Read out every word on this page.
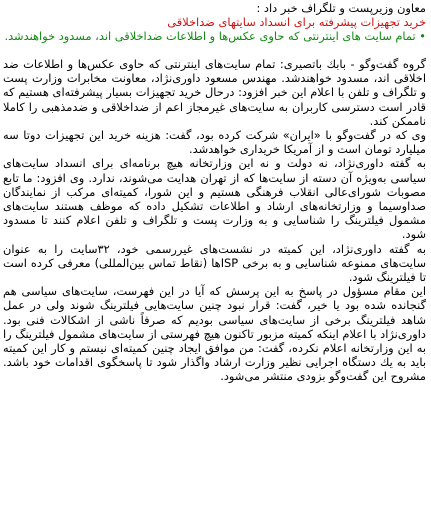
معاون وزيرپست و تلگراف خبر داد :

خريد تجهيزات پيشرفته براى انسداد سايتهاى ضداخلاقى

• تمام سايت هاى اينترنتى كه حاوى عكس‌ها و اطلاعات ضداخلاقى اند، مسدود خواهندشد.

گروه گفت‌وگو - بابك باتصيرى: تمام سايت‌هاى اينترنتى كه حاوى عكس‌ها و اطلاعات ضد اخلاقى اند، مسدود خواهندشد. مهندس مسعود داورى‌نژاد، معاونت مخابرات وزارت پست و تلگراف و تلفن با اعلام اين خبر افزود: درحال خريد تجهيزات بسيار پيشرفته‌اى هستيم كه قادر است دسترسى كاربران به سايت‌هاى غيرمجاز اعم از ضداخلاقى و ضدمذهبى را كاملا ناممكن كند.

وى كه در گفت‌وگو با «ايران» شركت كرده بود، گفت: هزينه خريد اين تجهيزات دوتا سه ميليارد تومان است و از آمريكا خريدارى خواهدشد.

به گفته داورى‌نژاد، نه دولت و نه اين وزارتخانه هيچ برنامه‌اى براى انسداد سايت‌هاى سياسى به‌ويژه آن دسته از سايت‌ها كه از تهران هدايت مى‌شوند، ندارد. وى افزود: ما تابع مصوبات شوراى‌عالى انقلاب فرهنگى هستيم و اين شورا، كميته‌اى مركب از نمايندگان صداوسيما و وزارتخانه‌هاى ارشاد و اطلاعات تشكيل داده كه موظف هستند سايت‌هاى مشمول فيلترينگ را شناسايى و به وزارت پست و تلگراف و تلفن اعلام كنند تا مسدود شود.

به گفته داورى‌نژاد، اين كميته در نشست‌هاى غيررسمى خود، ۳۲سايت را به عنوان سايت‌هاى ممنوعه شناسايى و به برخى ISPها (نقاط تماس بين‌المللى) معرفى كرده است تا فيلترينگ شود.

اين مقام مسؤول در پاسخ به اين پرسش كه آيا در اين فهرست، سايت‌هاى سياسى هم گنجانده شده بود يا خير، گفت: قرار نبود چنين سايت‌هايى فيلترينگ شوند ولى در عمل شاهد فيلترينگ برخى از سايت‌هاى سياسى بوديم كه صرفاً ناشى از اشكالات فنى بود. داورى‌نژاد با اعلام اينكه كميته مزبور تاكنون هيچ فهرستى از سايت‌هاى مشمول فيلترينگ را به اين وزارتخانه اعلام نكرده، گفت: من موافق ايجاد چنين كميته‌اى نيستم و كار اين كميته بايد به يك دستگاه اجرايى نظير وزارت ارشاد واگذار شود تا پاسخگوى اقدامات خود باشد. مشروح اين گفت‌وگو بزودى منتشر مى‌شود.
